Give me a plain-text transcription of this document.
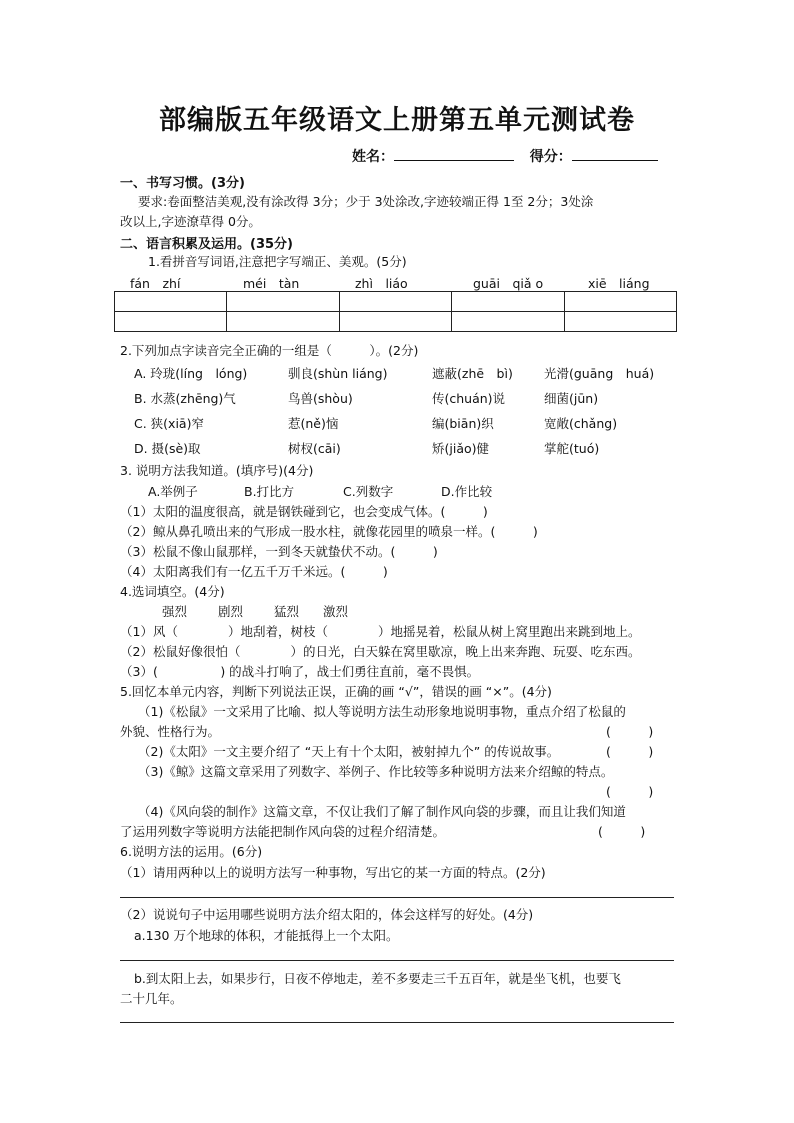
部编版五年级语文上册第五单元测试卷
姓名：	得分：
一、书写习惯。(3分)
要求:卷面整洁美观,没有涂改得 3分；少于 3处涂改,字迹较端正得 1至 2分；3处涂
改以上,字迹潦草得 0分。
二、语言积累及运用。(35分)
1.看拼音写词语,注意把字写端正、美观。(5分)
fán　zhí	méi　tàn	zhì　liáo	guāi　qiǎ o	xiē　liáng

2.下列加点字读音完全正确的一组是（　　　）。(2分)
A. 玲珑(líng　lóng)	驯良(shùn liáng)	遮蔽(zhē　bì) 光滑(guāng　huá)
B. 水蒸(zhēng)气	鸟兽(shòu)	传(chuán)说	细菌(jūn)
C. 狭(xiā)窄	惹(ně)恼	编(biān)织	宽敞(chǎng)
D. 摄(sè)取	树杈(cāi)	矫(jiǎo)健	掌舵(tuó)
3. 说明方法我知道。(填序号)(4分)
A.举例子	B.打比方	C.列数字	D.作比较
（1）太阳的温度很高，就是钢铁碰到它，也会变成气体。(　　　)
（2）鲸从鼻孔喷出来的气形成一股水柱，就像花园里的喷泉一样。(　　　)
（3）松鼠不像山鼠那样，一到冬天就蛰伏不动。(　　　)
（4）太阳离我们有一亿五千万千米远。(　　　)
4.选词填空。(4分)
强烈 剧烈 猛烈 激烈
（1）风（　　　　）地刮着，树枝（　　　　）地摇晃着，松鼠从树上窝里跑出来跳到地上。
（2）松鼠好像很怕（　　　　）的日光，白天躲在窝里歇凉，晚上出来奔跑、玩耍、吃东西。
（3）(　　　　　) 的战斗打响了，战士们勇往直前，毫不畏惧。
5.回忆本单元内容，判断下列说法正误，正确的画 “√”，错误的画 “×”。(4分)
（1)《松鼠》一文采用了比喻、拟人等说明方法生动形象地说明事物，重点介绍了松鼠的
外貌、性格行为。	(　　　)
（2)《太阳》一文主要介绍了 “天上有十个太阳，被射掉九个” 的传说故事。	(　　　)
（3)《鲸》这篇文章采用了列数字、举例子、作比较等多种说明方法来介绍鲸的特点。
(　　　)
（4)《风向袋的制作》这篇文章，不仅让我们了解了制作风向袋的步骤，而且让我们知道
了运用列数字等说明方法能把制作风向袋的过程介绍清楚。	(　　　)
6.说明方法的运用。(6分)
（1）请用两种以上的说明方法写一种事物，写出它的某一方面的特点。(2分)
（2）说说句子中运用哪些说明方法介绍太阳的，体会这样写的好处。(4分)
a.130 万个地球的体积，才能抵得上一个太阳。
b.到太阳上去，如果步行，日夜不停地走，差不多要走三千五百年，就是坐飞机，也要飞
二十几年。
